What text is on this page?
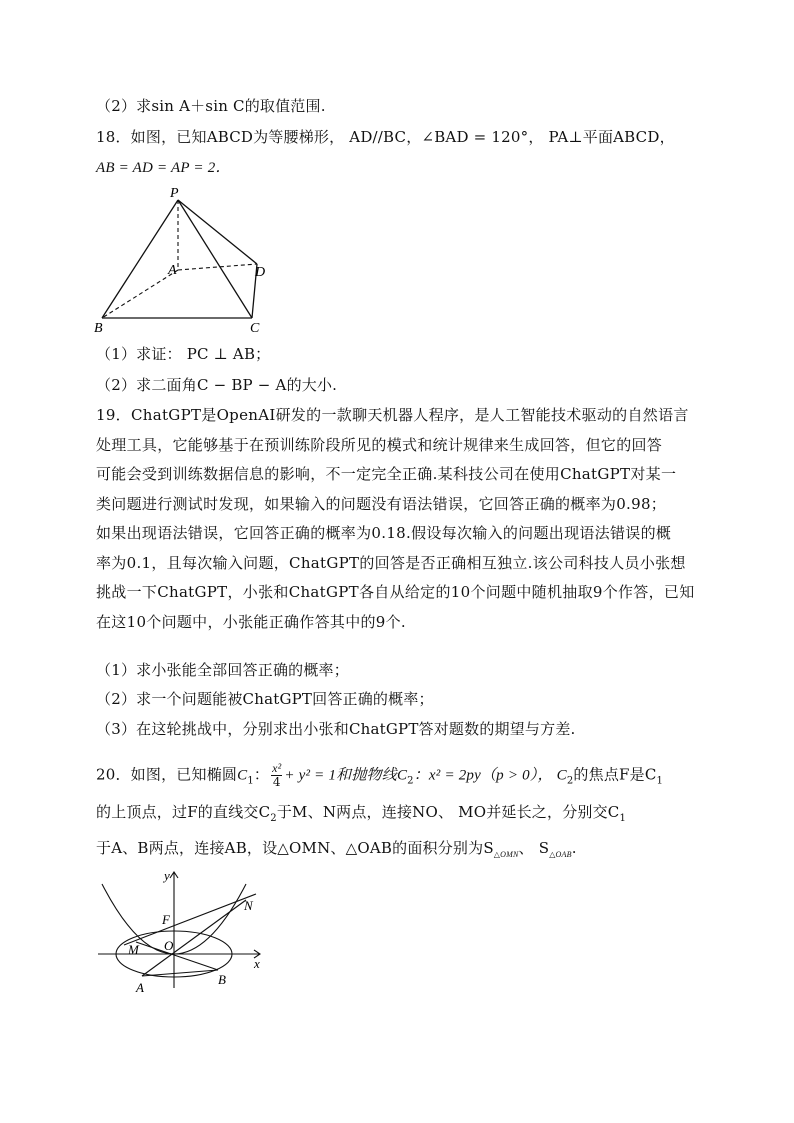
（2）求sin A＋sin C的取值范围.
18．如图，已知ABCD为等腰梯形， AD//BC，∠BAD = 120°， PA⊥平面ABCD，
AB = AD = AP = 2．
P
A
B	C
D
（1）求证： PC ⊥ AB；
（2）求二面角C − BP − A的大小.
19．ChatGPT是OpenAI研发的一款聊天机器人程序，是人工智能技术驱动的自然语言
处理工具，它能够基于在预训练阶段所见的模式和统计规律来生成回答，但它的回答
可能会受到训练数据信息的影响，不一定完全正确.某科技公司在使用ChatGPT对某一
类问题进行测试时发现，如果输入的问题没有语法错误，它回答正确的概率为0.98；
如果出现语法错误，它回答正确的概率为0.18.假设每次输入的问题出现语法错误的概
率为0.1，且每次输入问题，ChatGPT的回答是否正确相互独立.该公司科技人员小张想
挑战一下ChatGPT，小张和ChatGPT各自从给定的10个问题中随机抽取9个作答，已知
在这10个问题中，小张能正确作答其中的9个.
（1）求小张能全部回答正确的概率；
（2）求一个问题能被ChatGPT回答正确的概率；
（3）在这轮挑战中，分别求出小张和ChatGPT答对题数的期望与方差.
20．如图，已知椭圆$C_1$： $\frac{\text{x²}}{4} + y^2 = 1$和抛物线$C_2$：x² = 2py（p > 0）， $C_2$的焦点F是$C_1$
的上顶点，过F的直线交$C_2$于M、N两点，连接NO、 MO并延长之，分别交$C_1$
于A、B两点，连接AB，设△OMN、△OAB的面积分别为$S_{\triangle OMN}$、 $S_{\triangle OAB}$.
y
x
F
M O
N
A
B
